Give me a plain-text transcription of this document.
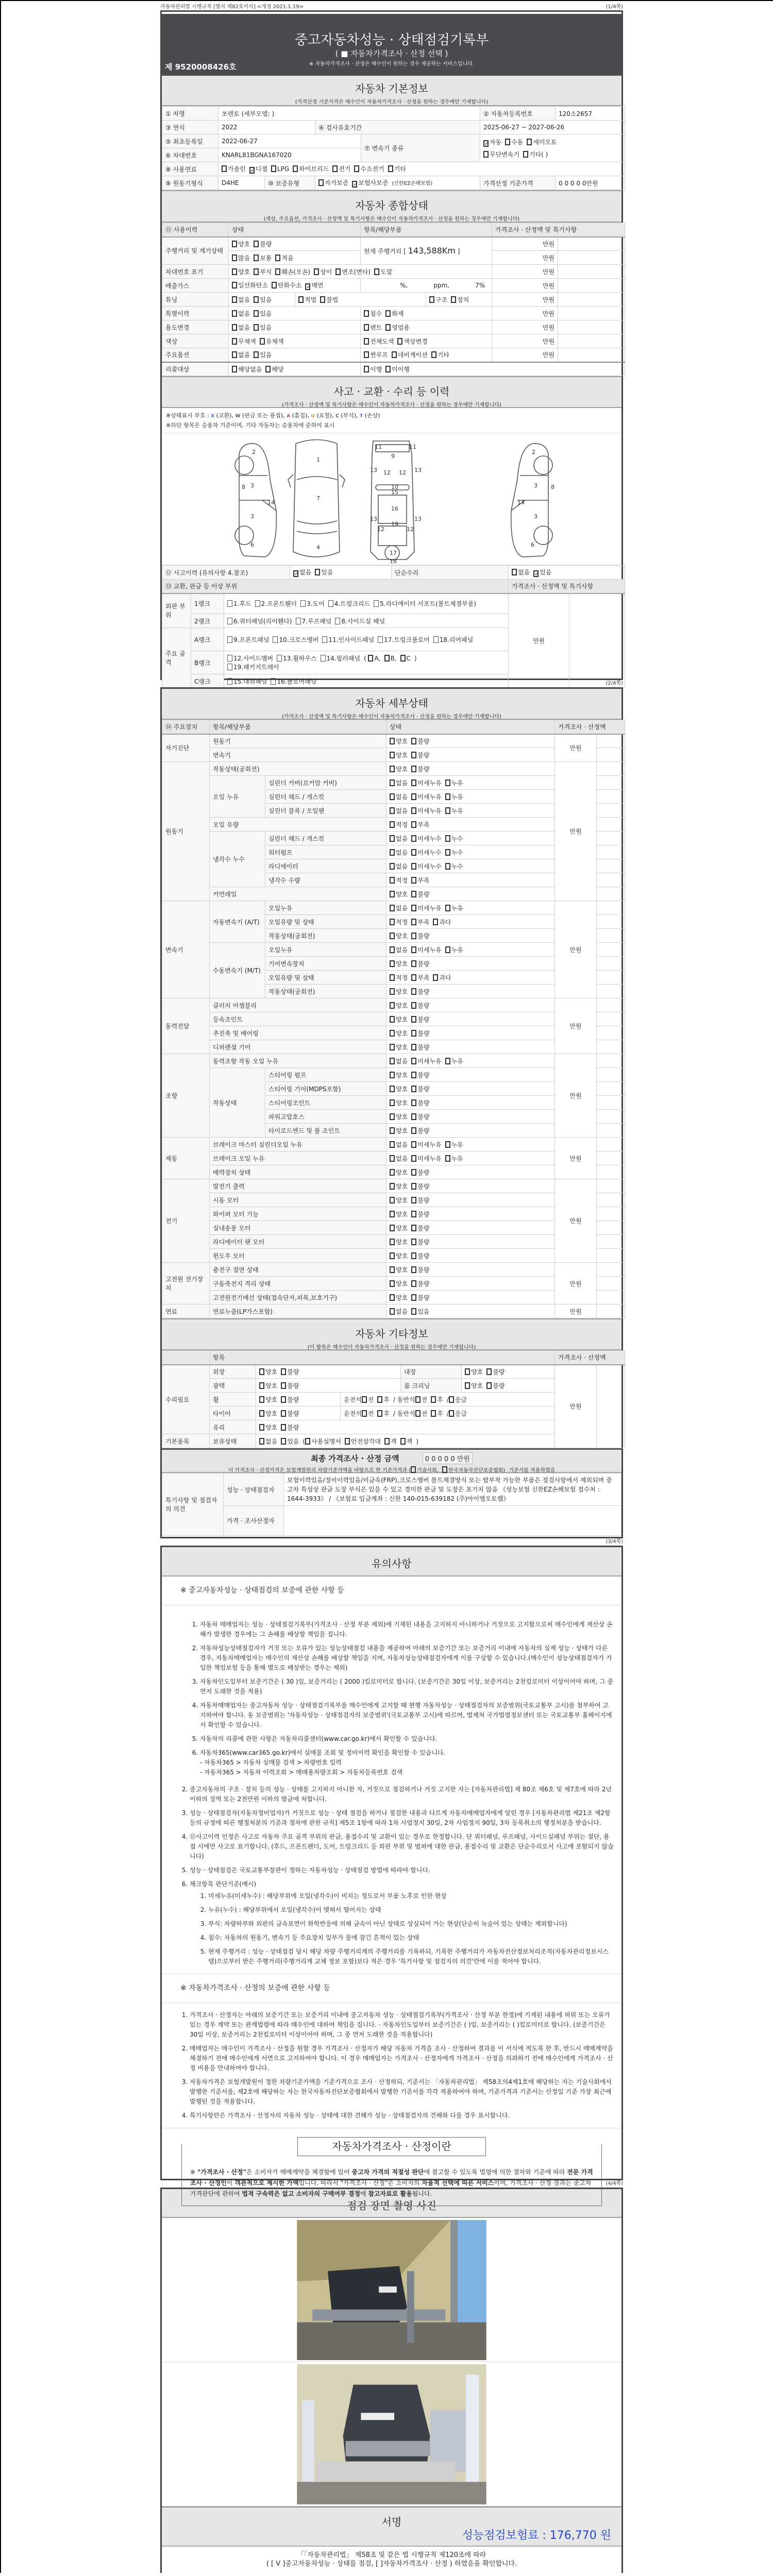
자동차관리법 시행규칙 [별지 제82호서식] <개정 2021.1.19>	(1/4쪽)
중고자동차성능 · 상태점검기록부
( ■ 자동차가격조사 · 산정 선택 )
※ 자동차가격조사 · 산정은 매수인이 원하는 경우 제공하는 서비스입니다.
제 9520008426호
자동차 기본정보
(가격산정 기준가격은 매수인이 자동차가격조사 · 산정을 원하는 경우에만 기재합니다)
① 차명	쏘렌토 (세부모델: )				② 자동차등록번호	120소2657
③ 연식	2022		④ 검사유효기간		2025-06-27 ~ 2027-06-26	
⑤ 최초등록일	2022-06-27			⑦ 변속기 종류	✓자동 수동 세미오토
무단변속기 기타( )	

⑥ 차대번호	KNARL81BGNA167020					
⑧ 사용연료	가솔린 ✓디젤 LPG 하이브리드 전기 수소전기 기타					
⑨ 원동기형식	D4HE	⑩ 보증유형	자가보증 ✓보험사보증 (신한EZ손해보험)		가격산정 기준가격	0 0 0 0 0만원
자동차 종합상태
(색상, 주요옵션, 가격조사 · 산정액 및 특기사항은 매수인이 자동차가격조사 · 산정을 원하는 경우에만 기재합니다)
⑪ 사용이력	상태		항목/해당부품		가격조사 · 산정액 및 특기사항	
주행거리 및 계기상태	양호 불량		현재 주행거리 [ 143,588Km ]		만원	
	많음 보통 적음				만원	
차대번호 표기	양호 부식 훼손(오손) 상이 변조(변타) 도말				만원	
배출가스	일산화탄소 탄화수소 ✓매연		%, ppm, 7%		만원	
튜닝	없음 있음	적법 불법		구조 장치	만원	
특별이력	없음 있음		침수 화재		만원	
용도변경	없음 있음		렌트 영업용		만원	
색상	무채색 유채색		전체도색 색상변경		만원	
주요옵션	없음 있음		썬루프 네비게이션 기타		만원	
리콜대상	해당없음 해당		이행 미이행			
사고 · 교환 · 수리 등 이력
(가격조사 · 산정액 및 특기사항은 매수인이 자동차가격조사 · 산정을 원하는 경우에만 기재합니다)
※상태표시 부호 : X (교환), W (판금 또는 용접), A (흠집), U (요철), C (부식), T (손상)
※하단 항목은 승용차 기준이며, 기타 자동차는 승용차에 준하여 표시
1
2
3
3
4
6
7
8
9
10
11	11
12 12
12	12
13	13
13	13
14
15
16
17
18
19
2
3
3
6
8
14
⑫ 사고이력 (유의사항 4.참조)			✓없음 있음	단순수리	없음 ✓있음	
⑬ 교환, 판금 등 이상 부위					가격조사 · 산정액 및 특기사항	
외판 부위	1랭크	1.후드 2.프론트휀더 3.도어 4.트렁크리드 5.라디에이터 서포트(볼트체결부품)			만원	
	2랭크	6.쿼터패널(리어휀다) 7.루프패널 8.사이드실 패널				
주요 골격	A랭크	9.프론트패널 10.크로스멤버 11.인사이드패널 17.트렁크플로어 18.리어패널				
	B랭크	12.사이드멤버 13.휠하우스 14.필러패널 ( A, B, C )
19.패키지트레이				
	C랭크	15.대쉬패널 16.플로어패널					(2/4쪽)
자동차 세부상태
(가격조사 · 산정액 및 특기사항은 매수인이 자동차가격조사 · 산정을 원하는 경우에만 기재합니다)
⑭ 주요장치	항목/해당부품		상태	가격조사 · 산정액	
자기진단	원동기		양호 불량	만원	
	변속기		양호 불량		
원동기	작동상태(공회전)		양호 불량	만원	
	오일 누유	실린더 커버(로커암 커버)	없음 미세누유 누유		
		실린더 헤드 / 개스킷	없음 미세누유 누유		
		실린더 블록 / 오일팬	없음 미세누유 누유		
	오일 유량		적정 부족		
	냉각수 누수	실린더 헤드 / 개스킷	없음 미세누수 누수		
		워터펌프	없음 미세누수 누수		
		라디에이터	없음 미세누수 누수		
		냉각수 수량	적정 부족		
	커먼레일		양호 불량		
변속기	자동변속기 (A/T)	오일누유	없음 미세누유 누유	만원	
		오일유량 및 상태	적정 부족 과다		
		작동상태(공회전)	양호 불량		
	수동변속기 (M/T)	오일누유	없음 미세누유 누유		
		기어변속장치	양호 불량		
		오일유량 및 상태	적정 부족 과다		
		작동상태(공회전)	양호 불량		
동력전달	클러치 어셈블리		양호 불량	만원	
	등속조인트		양호 불량		
	추진축 및 베어링		양호 불량		
	디퍼렌셜 기어		양호 불량		
조향	동력조향 작동 오일 누유		없음 미세누유 누유	만원	
	작동상태	스티어링 펌프	양호 불량		
		스티어링 기어(MDPS포함)	양호 불량		
		스티어링조인트	양호 불량		
		파워고압호스	양호 불량		
		타이로드엔드 및 볼 조인트	양호 불량		
제동	브레이크 마스터 실린더오일 누유		없음 미세누유 누유	만원	
	브레이크 오일 누유		없음 미세누유 누유		
	배력장치 상태		양호 불량		
전기	발전기 출력		양호 불량	만원	
	시동 모터		양호 불량		
	와이퍼 모터 기능		양호 불량		
	실내송풍 모터		양호 불량		
	라디에이터 팬 모터		양호 불량		
	윈도우 모터		양호 불량		
고전원 전기장치	충전구 절연 상태		양호 불량	만원	
	구동축전지 격리 상태		양호 불량		
	고전원전기배선 상태(접속단자,피복,보호기구)		양호 불량		
연료	연료누출(LP가스포함)		없음 있음	만원	
자동차 기타정보
(이 항목은 매수인이 자동차가격조사 · 산정을 원하는 경우에만 기재합니다)
	항목					가격조사 · 산정액	
수리필요	외장	양호 불량		내장	양호 불량	만원	
	광택	양호 불량		룸 크리닝	양호 불량		
	휠	양호 불량	운전석 전 후 / 동반석 전 후 / 응급				
	타이어	양호 불량	운전석 전 후 / 동반석 전 후 / 응급				
	유리	양호 불량					
기본품목	보유상태	없음 있음 ( 사용설명서 안전삼각대 잭 잭 )					
최종 가격조사 · 산정 금액	0 0 0 0 0 만원
이 가격조사 · 산정가격은 보험개발원의 차량기준가액을 바탕으로 한 기준가격과 ( 기술사회, 한국자동차진단보증협회) 기준서를 적용하였음
특기사항 및 점검자의 의견	성능 · 상태점검자	보험이력있음/정비이력있음/비금속(FRP),크로스멤버 볼트체결방식 또는 탈부착 가능한 부품은 점검사항에서 제외되며 중고차 특성상 판금 도장 부식은 있을 수 있고 경미한 판금 및 도장은 표기치 않음 《성능보험 신한EZ손해보험 접수처 : 1644-3933》 / 《보험료 입금계좌 : 신한 140-015-639182 (주)아이엠오토랩》
	가격 · 조사산정자	
(3/4쪽)
유의사항
※ 중고자동차성능 · 상태점검의 보증에 관한 사항 등
1. 자동차 매매업자는 성능 · 상태점검기록부(가격조사 · 산정 부분 제외)에 기재된 내용을 고지하지 아니하거나 거짓으로 고지함으로써 매수인에게 재산상 손해가 발생한 경우에는 그 손해를 배상할 책임을 집니다.
2. 자동차성능상태점검자가 거짓 또는 오류가 있는 성능상태점검 내용을 제공하여 아래의 보증기간 또는 보증거리 이내에 자동차의 실제 성능 · 상태가 다른 경우, 자동차매매업자는 매수인의 재산상 손해를 배상할 책임을 지며, 자동차성능상태점검자에게 이를 구상할 수 있습니다.(매수인이 성능상태점검자가 가입한 책임보험 등을 통해 별도로 배상받는 경우는 제외)
3. 자동차인도일부터 보증기간은 ( 30 )일, 보증거리는 ( 2000 )킬로미터로 합니다. (보증기간은 30일 이상, 보증거리는 2천킬로미터 이상이어야 하며, 그 중 먼저 도래한 것을 적용)
4. 자동차매매업자는 중고자동차 성능 · 상태점검기록부를 매수인에게 고지할 때 현행 자동차성능 · 상태점검자의 보증범위(국토교통부 고시)를 첨부하여 고지하여야 합니다. 동 보증범위는 '자동차성능 · 상태점검자의 보증범위'(국토교통부 고시)에 따르며, 법제처 국가법령정보센터 또는 국토교통부 홈페이지에서 확인할 수 있습니다.
5. 자동차의 리콜에 관한 사항은 자동차리콜센터(www.car.go.kr)에서 확인할 수 있습니다.
6. 자동차365(www.car365.go.kr)에서 실매물 조회 및 정비이력 확인을 확인할 수 있습니다.
- 자동차365 > 자동차 실매물 검색 > 차량번호 입력
- 자동차365 > 자동차 이력조회 > 매매용차량조회 > 자동차등록번호 검색
2. 중고자동차의 구조 · 장치 등의 성능 · 상태를 고지하지 아니한 자, 거짓으로 점검하거나 거짓 고지한 자는 [자동차관리법] 제 80조 제6호 및 제7호에 따라 2년 이하의 징역 또는 2천만원 이하의 벌금에 처합니다.
3. 성능 · 상태점검자(자동차정비업자)가 거짓으로 성능 · 상태 점검을 하거나 점검한 내용과 다르게 자동차매매업자에게 알린 경우 [자동차관리법 제21조 제2항 등의 규정에 따른 행정처분의 기준과 절차에 관한 규칙] 제5조 1항에 따라 1차 사업정지 30일, 2차 사업정지 90일, 3차 등록취소의 행정처분을 받습니다.
4. ⑫사고이력 인정은 사고로 자동차 주요 골격 부위의 판금, 용접수리 및 교환이 있는 경우로 한정합니다. 단 쿼터패널, 루프패널, 사이드실패널 부위는 절단, 용접 시에만 사고로 표기합니다. (후드, 프론트펜더, 도어, 트렁크리드 등 외판 부위 및 범퍼에 대한 판금, 용접수리 및 교환은 단순수리로서 사고에 포함되지 않습니다)
5. 성능 · 상태점검은 국토교통부장관이 정하는 자동차성능 · 상태점검 방법에 따라야 합니다.
6. 체크항목 판단기준(예시)
1. 미세누유(미세누수) : 해당부위에 오일(냉각수)이 비치는 정도로서 부품 노후로 인한 현상
2. 누유(누수) : 해당부위에서 오일(냉각수)이 맺혀서 떨어지는 상태
3. 부식: 차량하부와 외판의 금속표면이 화학반응에 의해 금속이 아닌 상태로 상실되어 가는 현상(단순히 녹슬어 있는 상태는 제외합니다)
4. 침수: 자동차의 원동기, 변속기 등 주요장치 일부가 물에 잠긴 흔적이 있는 상태
5. 현재 주행거리 : 성능 · 상태점검 당시 해당 차량 주행거리계의 주행거리를 기록하되, 기록한 주행거리가 자동차전산정보처리조직(자동차관리정보시스템)으로부터 받은 주행거리(주행거리계 교체 정보 포함)보다 적은 경우 '특기사항 및 점검자의 의견'란에 이를 적어야 합니다.
※ 자동차가격조사 · 산정의 보증에 관한 사항 등
1. 가격조사 · 산정자는 아래의 보증기간 또는 보증거리 이내에 중고자동차 성능 · 상태점검기록부(가격조사 · 산정 부분 한정)에 기재된 내용에 허위 또는 오류가 있는 경우 계약 또는 관계법령에 따라 매수인에 대하여 책임을 집니다. · 자동차인도일부터 보증기간은 ( )일, 보증거리는 ( )킬로미터로 합니다. (보증기간은 30일 이상, 보증거리는 2천킬로미터 이상이어야 하며, 그 중 먼저 도래한 것을 적용합니다)
2. 매매업자는 매수인이 가격조사 · 산정을 원할 경우 가격조사 · 산정자가 해당 자동차 가격을 조사 · 산정하여 결과를 이 서식에 적도록 한 후, 반드시 매매계약을 체결하기 전에 매수인에게 서면으로 고지하여야 합니다. 이 경우 매매업자는 가격조사 · 산정자에게 가격조사 · 산정을 의뢰하기 전에 매수인에게 가격조사 · 산정 비용을 안내하여야 합니다.
3. 자동차가격은 보험개발원이 정한 차량기준가액을 기준가격으로 조사 · 산정하되, 기준서는 「자동차관리법」 제58조의4제1호에 해당하는 자는 기술사회에서 발행한 기준서를, 제2호에 해당하는 자는 한국자동차진단보증협회에서 발행한 기준서를 각각 적용하여야 하며, 기준가격과 기준서는 산정일 기준 가장 최근에 발행된 것을 적용합니다.
4. 특기사항란은 가격조사 · 산정자의 자동차 성능 · 상태에 대한 견해가 성능 · 상태점검자의 견해와 다를 경우 표시합니다.
자동차가격조사 · 산정이란
※ "가격조사 · 산정"은 소비자가 매매계약을 체결함에 있어 중고차 가격의 적절성 판단에 참고할 수 있도록 법령에 의한 절차와 기준에 따라 전문 가격조사 · 산정인이 객관적으로 제시한 가액입니다. 따라서 "가격조사 · 산정"은 소비자의 자율적 선택에 따른 서비스이며, 가격조사 · 산정 결과는 중고차 가격판단에 관하여 법적 구속력은 없고 소비자의 구매여부 결정에 참고자료로 활용됩니다.
(4/4쪽)
점검 장면 촬영 사진
서명
성능점검보험료 : 176,770 원
「「자동차관리법」 제58조 및 같은 법 시행규칙 제120조에 따라
( [ V ]중고자동차성능 · 상태를 점검, [ ]자동차가격조사 · 산정 ) 하였음을 확인합니다.
